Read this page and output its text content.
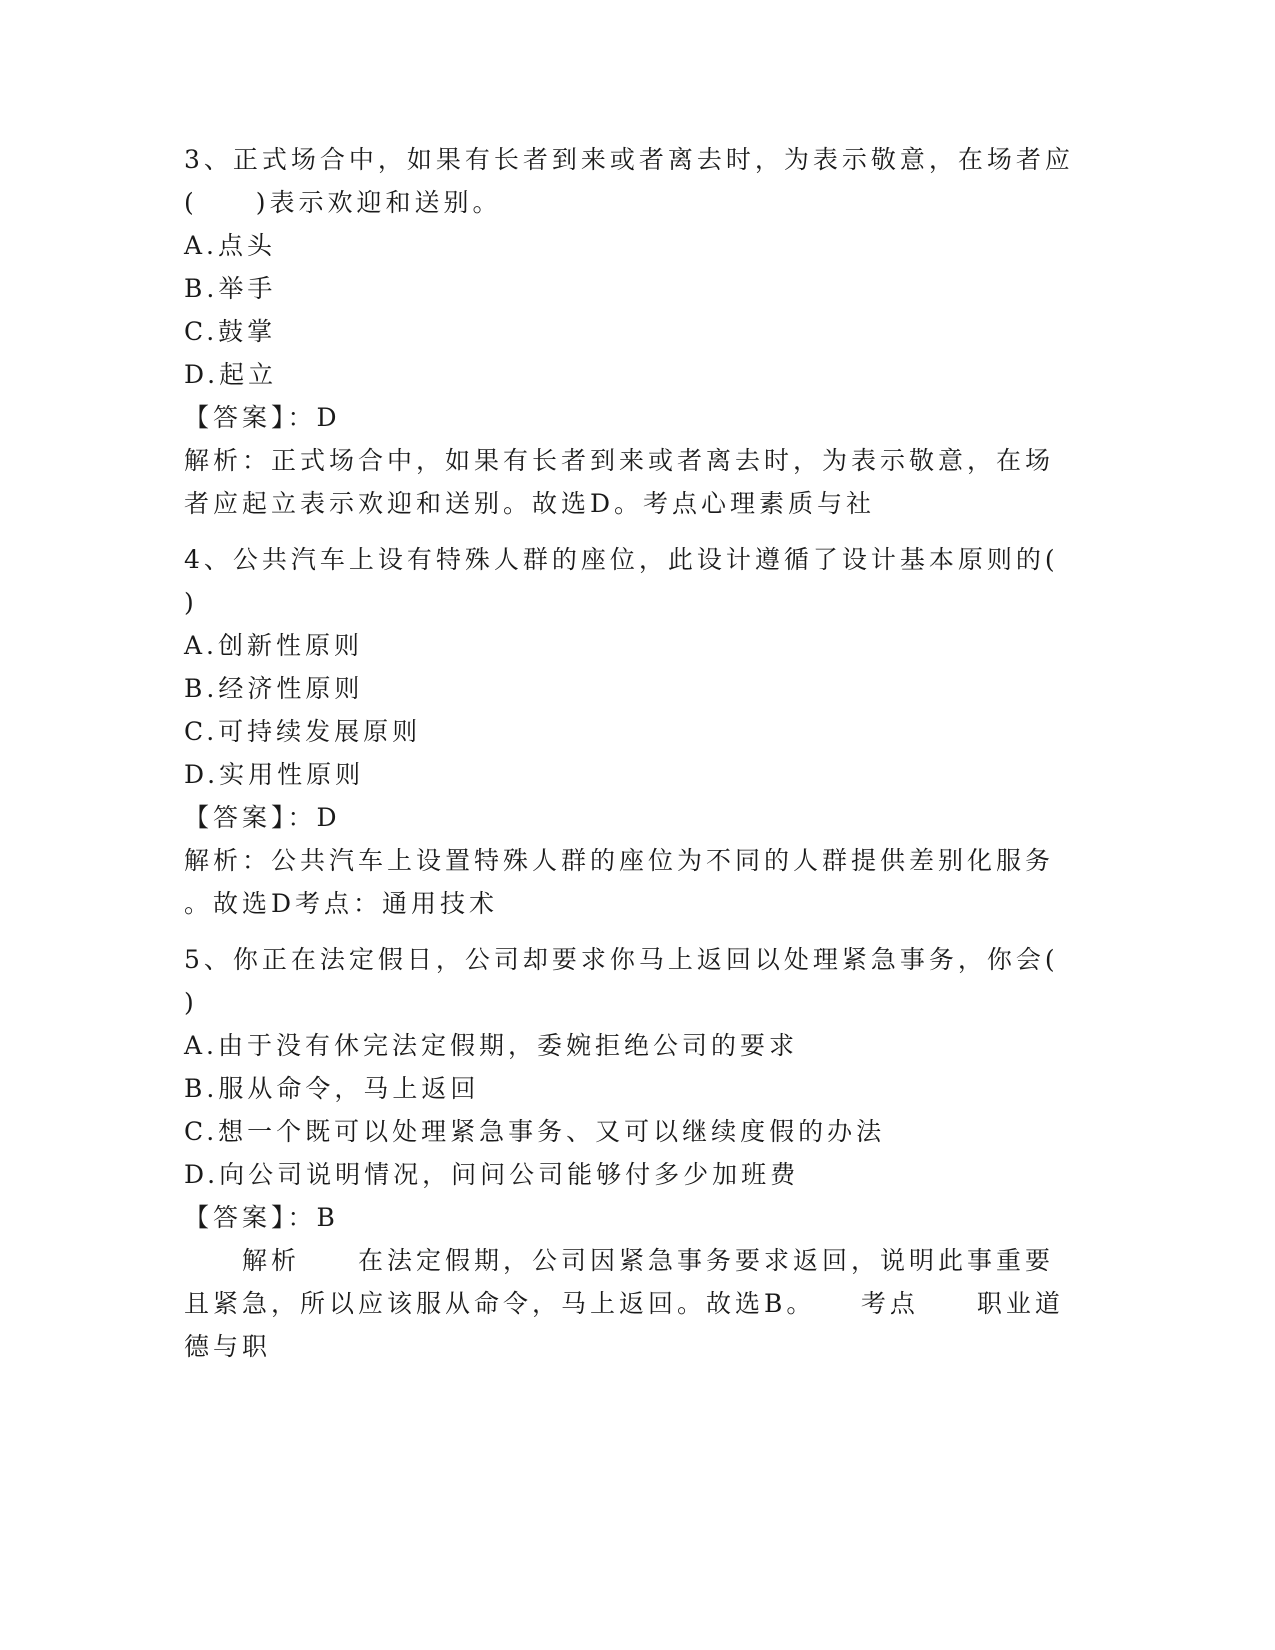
3、正式场合中，如果有长者到来或者离去时，为表示敬意，在场者应
(　　)表示欢迎和送别。
A.点头
B.举手
C.鼓掌
D.起立
【答案】：D
解析：正式场合中，如果有长者到来或者离去时，为表示敬意，在场
者应起立表示欢迎和送别。故选D。考点心理素质与社
4、公共汽车上设有特殊人群的座位，此设计遵循了设计基本原则的(
)
A.创新性原则
B.经济性原则
C.可持续发展原则
D.实用性原则
【答案】：D
解析：公共汽车上设置特殊人群的座位为不同的人群提供差别化服务
。故选D考点：通用技术
5、你正在法定假日，公司却要求你马上返回以处理紧急事务，你会(
)
A.由于没有休完法定假期，委婉拒绝公司的要求
B.服从命令，马上返回
C.想一个既可以处理紧急事务、又可以继续度假的办法
D.向公司说明情况，问问公司能够付多少加班费
【答案】：B
　　解析　　在法定假期，公司因紧急事务要求返回，说明此事重要
且紧急，所以应该服从命令，马上返回。故选B。　　考点　　职业道
德与职
